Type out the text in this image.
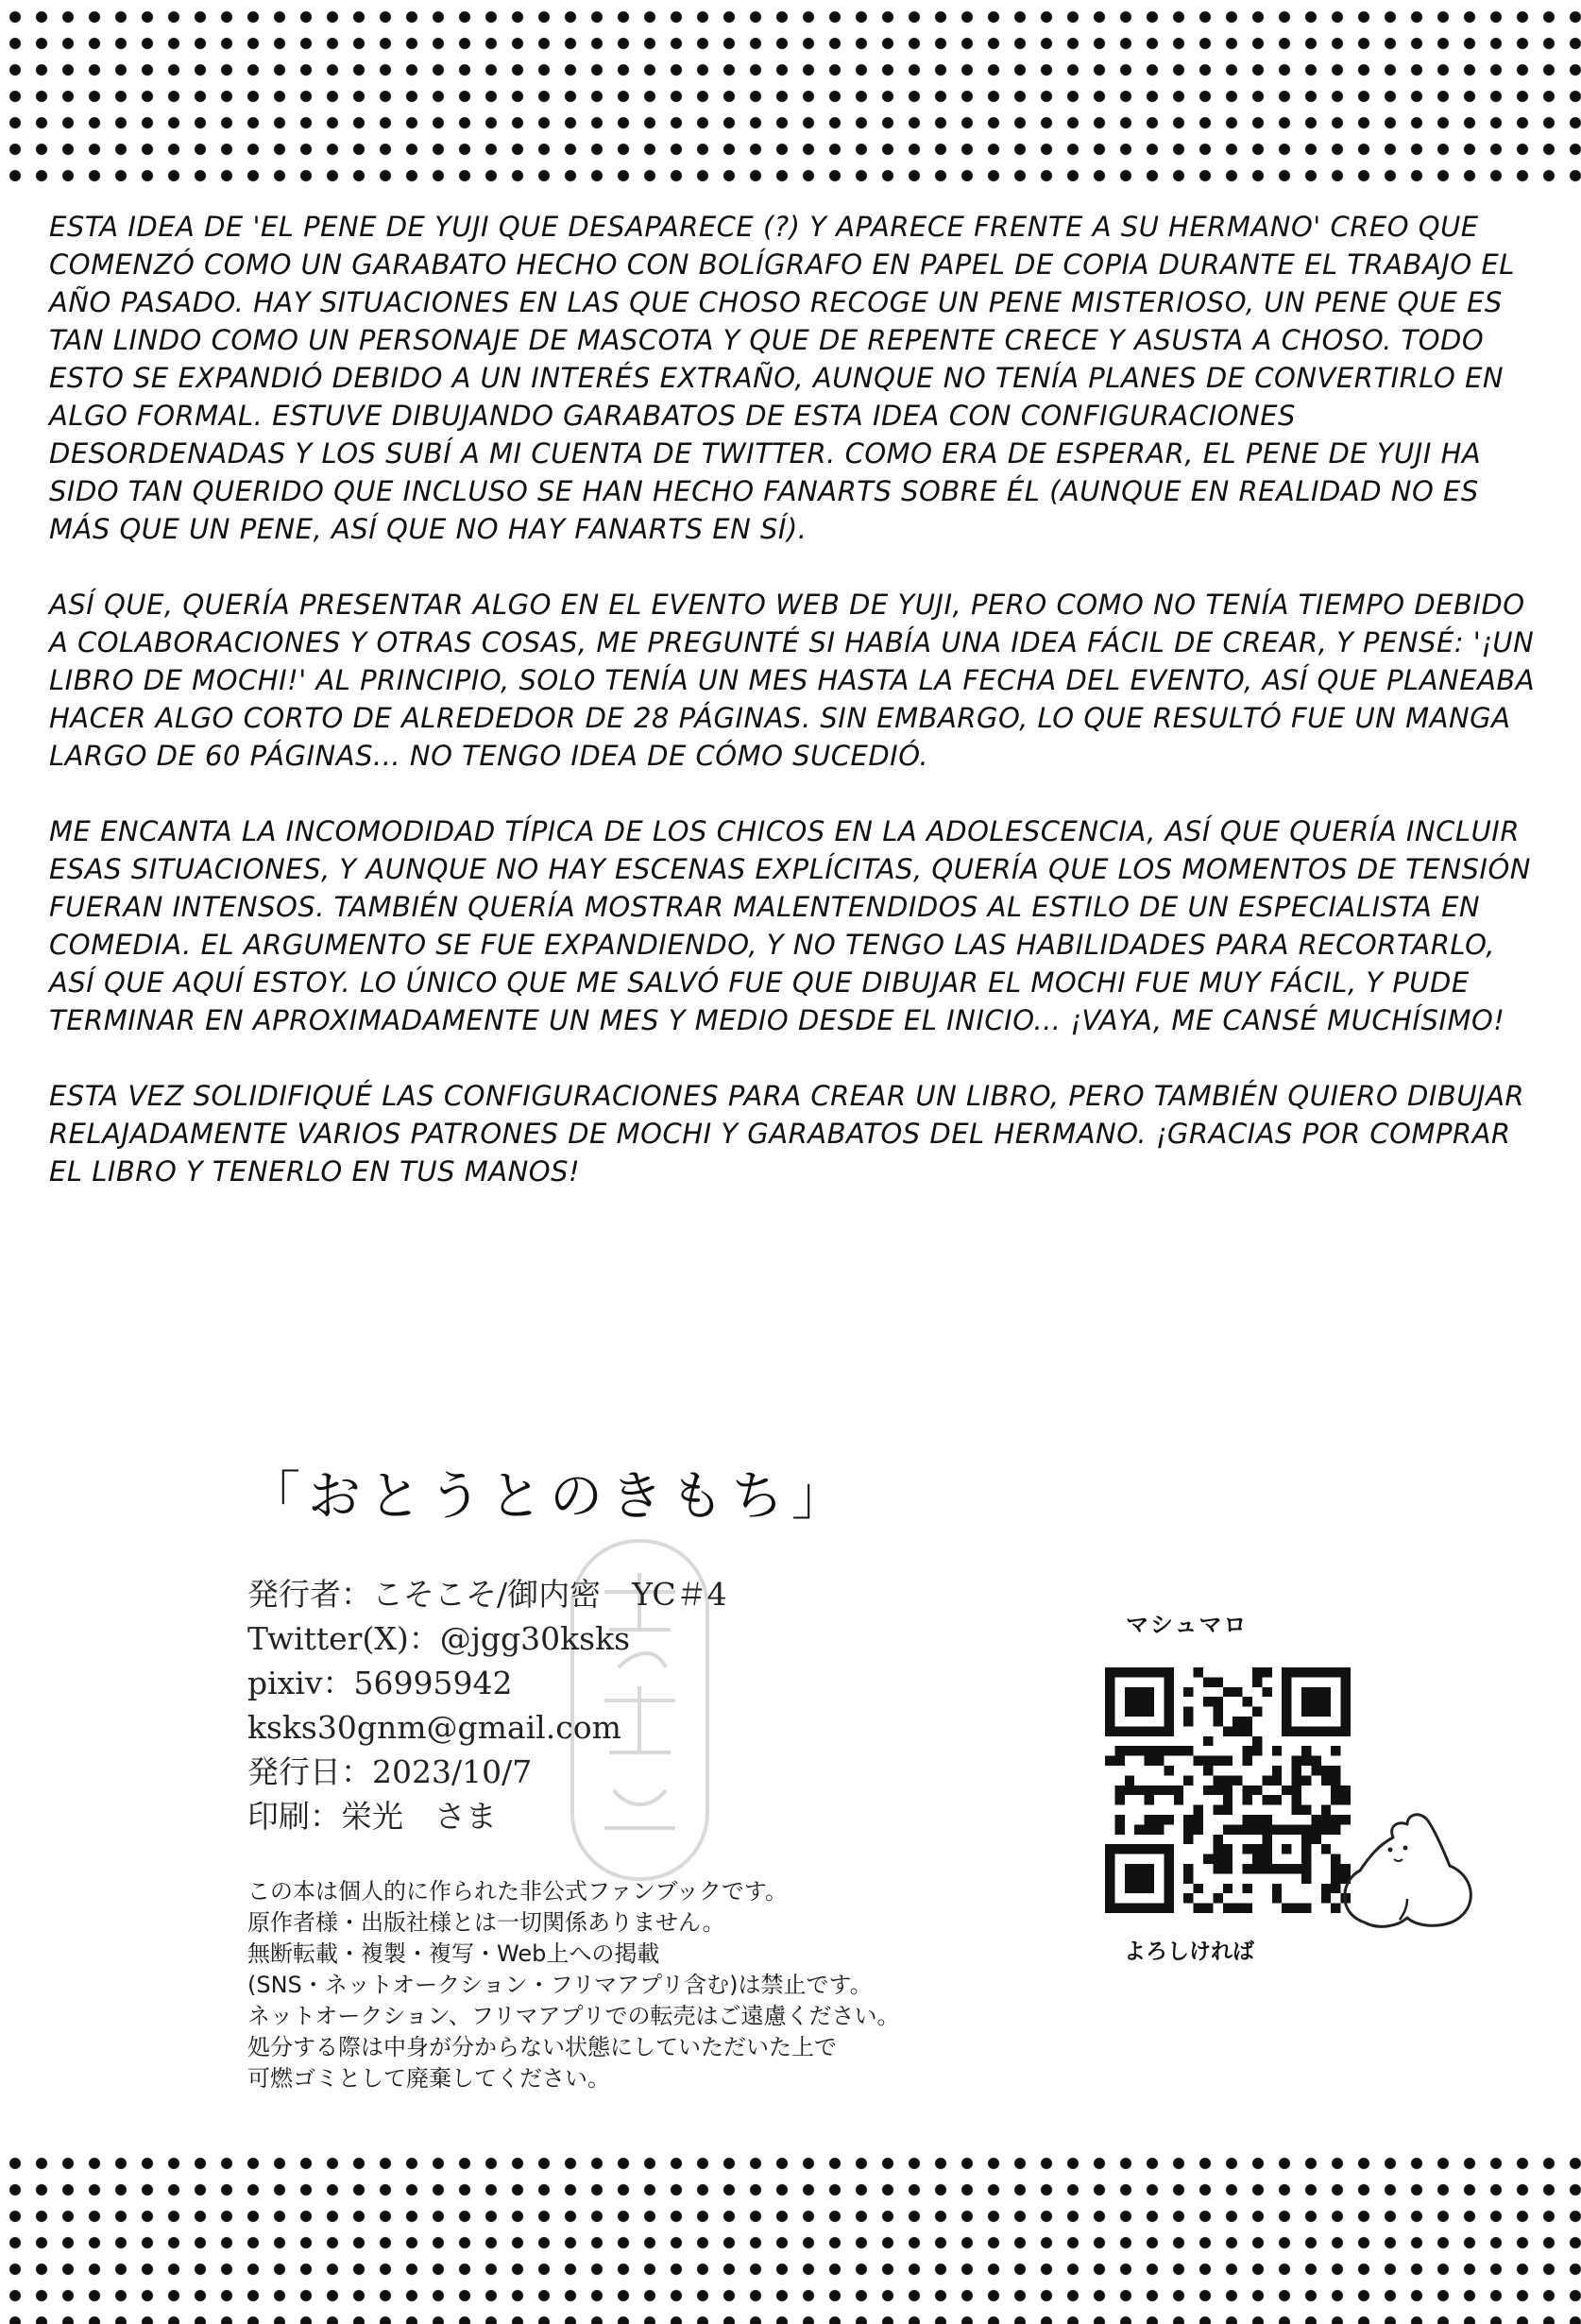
ESTA IDEA DE 'EL PENE DE YUJI QUE DESAPARECE (?) Y APARECE FRENTE A SU HERMANO' CREO QUE COMENZÓ COMO UN GARABATO HECHO CON BOLÍGRAFO EN PAPEL DE COPIA DURANTE EL TRABAJO EL AÑO PASADO. HAY SITUACIONES EN LAS QUE CHOSO RECOGE UN PENE MISTERIOSO, UN PENE QUE ES TAN LINDO COMO UN PERSONAJE DE MASCOTA Y QUE DE REPENTE CRECE Y ASUSTA A CHOSO. TODO ESTO SE EXPANDIÓ DEBIDO A UN INTERÉS EXTRAÑO, AUNQUE NO TENÍA PLANES DE CONVERTIRLO EN ALGO FORMAL. ESTUVE DIBUJANDO GARABATOS DE ESTA IDEA CON CONFIGURACIONES DESORDENADAS Y LOS SUBÍ A MI CUENTA DE TWITTER. COMO ERA DE ESPERAR, EL PENE DE YUJI HA SIDO TAN QUERIDO QUE INCLUSO SE HAN HECHO FANARTS SOBRE ÉL (AUNQUE EN REALIDAD NO ES MÁS QUE UN PENE, ASÍ QUE NO HAY FANARTS EN SÍ).

ASÍ QUE, QUERÍA PRESENTAR ALGO EN EL EVENTO WEB DE YUJI, PERO COMO NO TENÍA TIEMPO DEBIDO A COLABORACIONES Y OTRAS COSAS, ME PREGUNTÉ SI HABÍA UNA IDEA FÁCIL DE CREAR, Y PENSÉ: '¡UN LIBRO DE MOCHI!' AL PRINCIPIO, SOLO TENÍA UN MES HASTA LA FECHA DEL EVENTO, ASÍ QUE PLANEABA HACER ALGO CORTO DE ALREDEDOR DE 28 PÁGINAS. SIN EMBARGO, LO QUE RESULTÓ FUE UN MANGA LARGO DE 60 PÁGINAS... NO TENGO IDEA DE CÓMO SUCEDIÓ.

ME ENCANTA LA INCOMODIDAD TÍPICA DE LOS CHICOS EN LA ADOLESCENCIA, ASÍ QUE QUERÍA INCLUIR ESAS SITUACIONES, Y AUNQUE NO HAY ESCENAS EXPLÍCITAS, QUERÍA QUE LOS MOMENTOS DE TENSIÓN FUERAN INTENSOS. TAMBIÉN QUERÍA MOSTRAR MALENTENDIDOS AL ESTILO DE UN ESPECIALISTA EN COMEDIA. EL ARGUMENTO SE FUE EXPANDIENDO, Y NO TENGO LAS HABILIDADES PARA RECORTARLO, ASÍ QUE AQUÍ ESTOY. LO ÚNICO QUE ME SALVÓ FUE QUE DIBUJAR EL MOCHI FUE MUY FÁCIL, Y PUDE TERMINAR EN APROXIMADAMENTE UN MES Y MEDIO DESDE EL INICIO... ¡VAYA, ME CANSÉ MUCHÍSIMO!

ESTA VEZ SOLIDIFIQUÉ LAS CONFIGURACIONES PARA CREAR UN LIBRO, PERO TAMBIÉN QUIERO DIBUJAR RELAJADAMENTE VARIOS PATRONES DE MOCHI Y GARABATOS DEL HERMANO. ¡GRACIAS POR COMPRAR EL LIBRO Y TENERLO EN TUS MANOS!

「おとうとのきもち」
発行者：こそこそ/御内密　YC＃4
Twitter(X)：@jgg30ksks
pixiv：56995942
ksks30gnm@gmail.com
発行日：2023/10/7
印刷：栄光　さま
この本は個人的に作られた非公式ファンブックです。
原作者様・出版社様とは一切関係ありません。
無断転載・複製・複写・Web上への掲載
(SNS・ネットオークション・フリマアプリ含む)は禁止です。
ネットオークション、フリマアプリでの転売はご遠慮ください。
処分する際は中身が分からない状態にしていただいた上で
可燃ゴミとして廃棄してください。
マシュマロ
よろしければ
